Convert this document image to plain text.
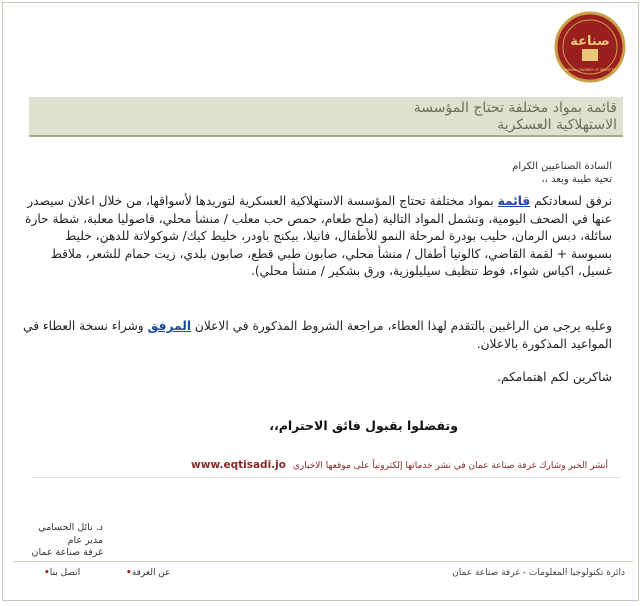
صناعة
AMMAN CHAMBER OF INDUSTRY
قائمة بمواد مختلفة تحتاج المؤسسة
الاستهلاكية العسكرية
السادة الصناعيين الكرام
تحية طيبة وبعد ،،
نرفق لسعادتكم قائمة بمواد مختلفة تحتاج المؤسسة الاستهلاكية العسكرية لتوريدها لأسواقها، من خلال اعلان سيصدر عنها في الصحف اليومية، وتشمل المواد التالية (ملح طعام، حمص حب معلب / منشأ محلي، فاصوليا معلبة، شطة حارة سائلة، دبس الرمان، حليب بودرة لمرحلة النمو للأطفال، فانيلا، بيكنج باودر، خليط كيك/ شوكولاتة للدهن، خليط بسبوسة + لقمة القاضي، كالونيا أطفال / منشأ محلي، صابون طبي قطع، صابون بلدي، زيت حمام للشعر، ملاقط غسيل، اكياس شواء، فوط تنظيف سيليلوزية، ورق بشكير / منشأ محلي).
وعليه يرجى من الراغبين بالتقدم لهذا العطاء، مراجعة الشروط المذكورة في الاعلان المرفق وشراء نسخة العطاء في المواعيد المذكورة بالاعلان.
شاكرين لكم اهتمامكم.
وتفضلوا بقبول فائق الاحترام،،
أنشر الخبر وشارك غرفة صناعة عمان في نشر خدماتها إلكترونياً على موقعها الاخباري www.eqtisadi.jo
د. نائل الحسامي
مدير عام
غرفة صناعة عمان
دائرة تكنولوجيا المعلومات - غرفة صناعة عمان
عن الغرفة•
اتصل بنا•
